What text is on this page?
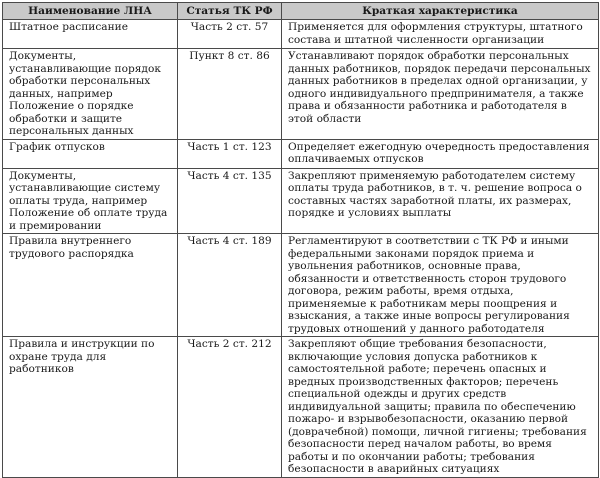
Наименование ЛНА	Статья ТК РФ	Краткая характеристика
Штатное расписание	Часть 2 ст. 57	Применяется для оформления структуры, штатного состава и штатной численности организации
Документы, устанавливающие порядок обработки персональных данных, например Положение о порядке обработки и защите персональных данных	Пункт 8 ст. 86	Устанавливают порядок обработки персональных данных работников, порядок передачи персональных данных работников в пределах одной организации, у одного индивидуального предпринимателя, а также права и обязанности работника и работодателя в этой области
График отпусков	Часть 1 ст. 123	Определяет ежегодную очередность предоставления оплачиваемых отпусков
Документы, устанавливающие систему оплаты труда, например Положение об оплате труда и премировании	Часть 4 ст. 135	Закрепляют применяемую работодателем систему оплаты труда работников, в т. ч. решение вопроса о составных частях заработной платы, их размерах, порядке и условиях выплаты
Правила внутреннего трудового распорядка	Часть 4 ст. 189	Регламентируют в соответствии с ТК РФ и иными федеральными законами порядок приема и увольнения работников, основные права, обязанности и ответственность сторон трудового договора, режим работы, время отдыха, применяемые к работникам меры поощрения и взыскания, а также иные вопросы регулирования трудовых отношений у данного работодателя
Правила и инструкции по охране труда для работников	Часть 2 ст. 212	Закрепляют общие требования безопасности, включающие условия допуска работников к самостоятельной работе; перечень опасных и вредных производственных факторов; перечень специальной одежды и других средств индивидуальной защиты; правила по обеспечению пожаро- и взрывобезопасности, оказанию первой (доврачебной) помощи, личной гигиены; требования безопасности перед началом работы, во время работы и по окончании работы; требования безопасности в аварийных ситуациях
